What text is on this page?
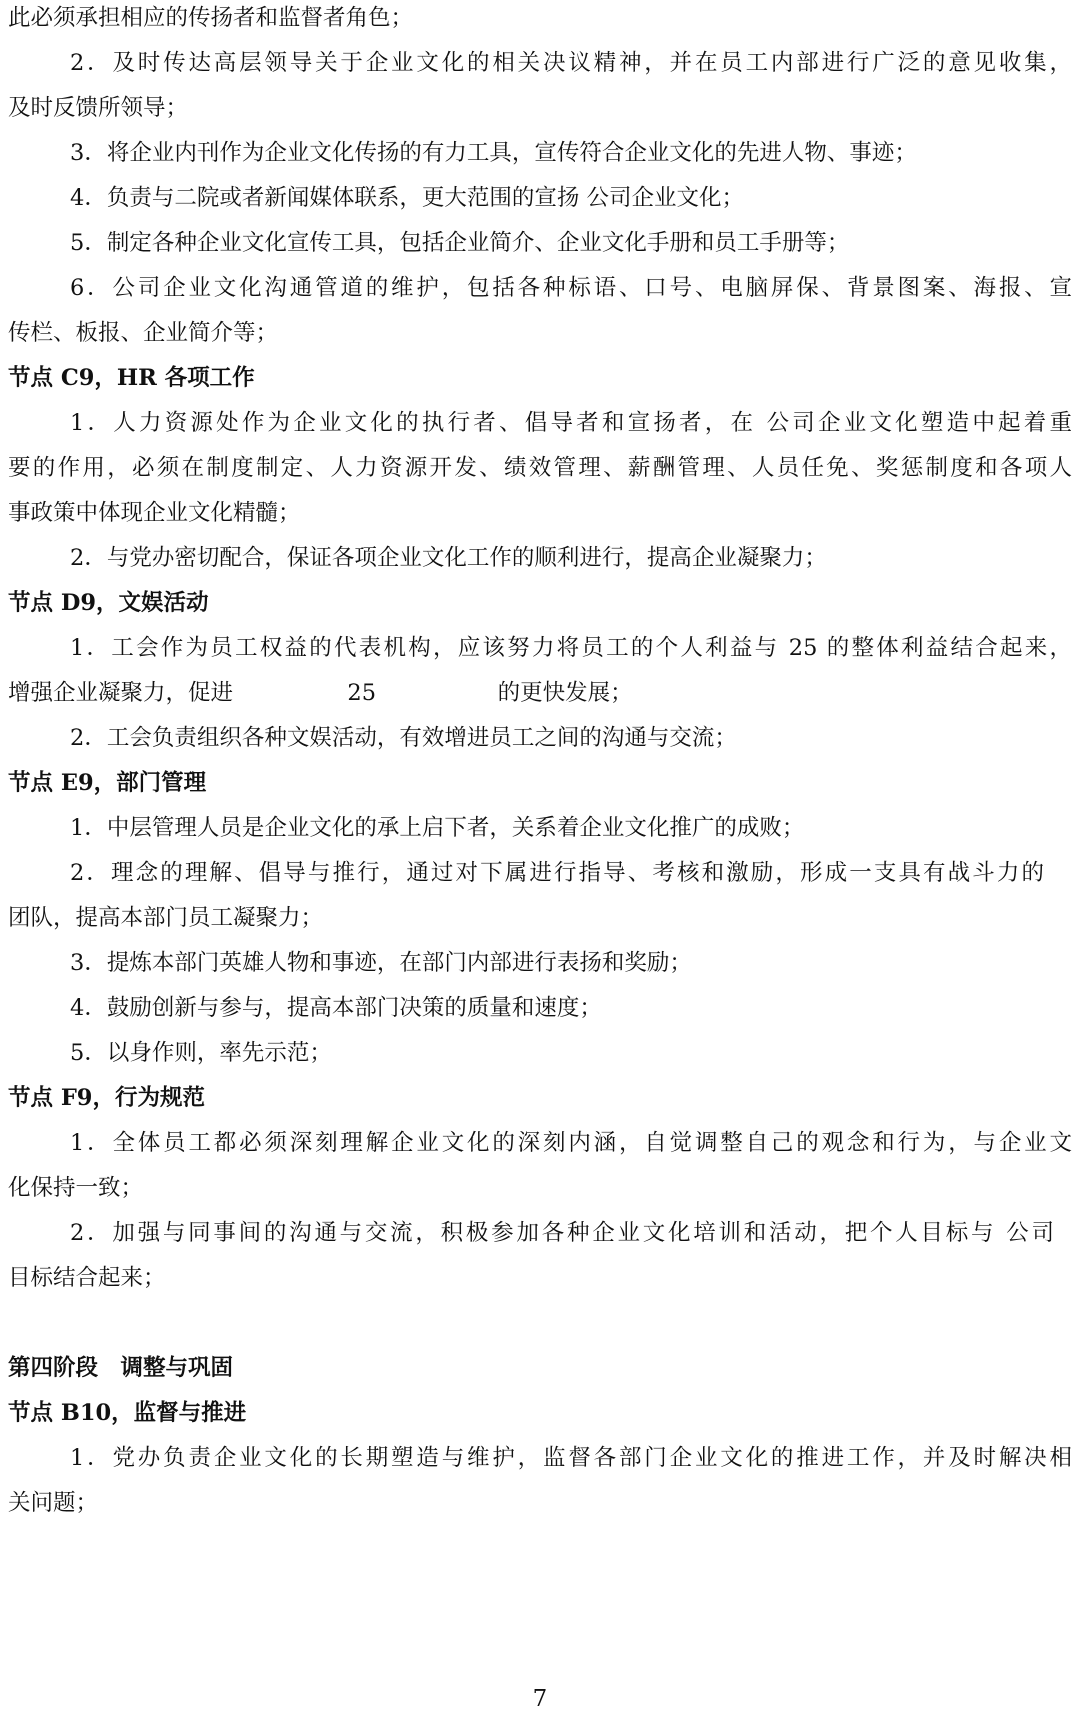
此必须承担相应的传扬者和监督者角色；
2．及时传达高层领导关于企业文化的相关决议精神，并在员工内部进行广泛的意见收集，
及时反馈所领导；
3．将企业内刊作为企业文化传扬的有力工具，宣传符合企业文化的先进人物、事迹；
4．负责与二院或者新闻媒体联系，更大范围的宣扬 公司企业文化；
5．制定各种企业文化宣传工具，包括企业简介、企业文化手册和员工手册等；
6．公司企业文化沟通管道的维护，包括各种标语、口号、电脑屏保、背景图案、海报、宣
传栏、板报、企业简介等；
节点 C9，HR 各项工作
1．人力资源处作为企业文化的执行者、倡导者和宣扬者，在 公司企业文化塑造中起着重
要的作用，必须在制度制定、人力资源开发、绩效管理、薪酬管理、人员任免、奖惩制度和各项人
事政策中体现企业文化精髓；
2．与党办密切配合，保证各项企业文化工作的顺利进行，提高企业凝聚力；
节点 D9，文娱活动
1．工会作为员工权益的代表机构，应该努力将员工的个人利益与 25 的整体利益结合起来，
增强企业凝聚力，促进                25                 的更快发展；
2．工会负责组织各种文娱活动，有效增进员工之间的沟通与交流；
节点 E9，部门管理
1．中层管理人员是企业文化的承上启下者，关系着企业文化推广的成败；
2．理念的理解、倡导与推行，通过对下属进行指导、考核和激励，形成一支具有战斗力的
团队，提高本部门员工凝聚力；
3．提炼本部门英雄人物和事迹，在部门内部进行表扬和奖励；
4．鼓励创新与参与，提高本部门决策的质量和速度；
5．以身作则，率先示范；
节点 F9，行为规范
1．全体员工都必须深刻理解企业文化的深刻内涵，自觉调整自己的观念和行为，与企业文
化保持一致；
2．加强与同事间的沟通与交流，积极参加各种企业文化培训和活动，把个人目标与 公司
目标结合起来；
第四阶段　调整与巩固
节点 B10，监督与推进
1．党办负责企业文化的长期塑造与维护，监督各部门企业文化的推进工作，并及时解决相
关问题；
7
